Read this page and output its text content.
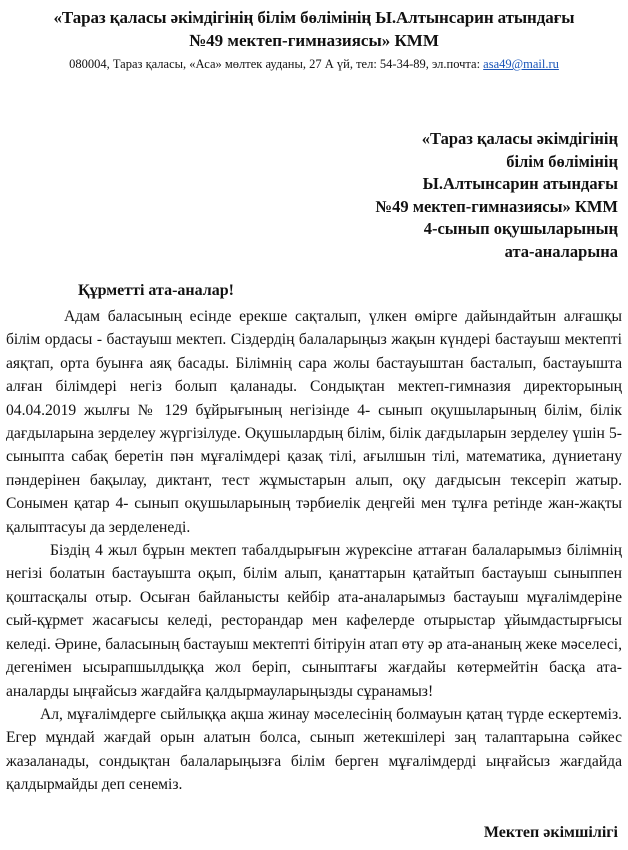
«Тараз қаласы әкімдігінің білім бөлімінің Ы.Алтынсарин атындағы
№49 мектеп-гимназиясы» КММ
080004, Тараз қаласы, «Аса» мөлтек ауданы, 27 А үй, тел: 54-34-89, эл.почта: asa49@mail.ru
«Тараз қаласы әкімдігінің
білім бөлімінің
Ы.Алтынсарин атындағы
№49 мектеп-гимназиясы» КММ
4-сынып оқушыларының
ата-аналарына
Құрметті ата-аналар!

Адам баласының есінде ерекше сақталып, үлкен өмірге дайындайтын алғашқы білім ордасы - бастауыш мектеп. Сіздердің балаларыңыз жақын күндері бастауыш мектепті аяқтап, орта буынға аяқ басады. Білімнің сара жолы бастауыштан басталып, бастауышта алған білімдері негіз болып қаланады. Сондықтан мектеп-гимназия директорының 04.04.2019 жылғы № 129 бұйрығының негізінде 4- сынып оқушыларының білім, білік дағдыларына зерделеу жүргізілуде. Оқушылардың білім, білік дағдыларын зерделеу үшін 5-сыныпта сабақ беретін пән мұғалімдері қазақ тілі, ағылшын тілі, математика, дүниетану пәндерінен бақылау, диктант, тест жұмыстарын алып, оқу дағдысын тексеріп жатыр. Сонымен қатар 4- сынып оқушыларының тәрбиелік деңгейі мен тұлға ретінде жан-жақты қалыптасуы да зерделенеді.

Біздің 4 жыл бұрын мектеп табалдырығын жүрексіне аттаған балаларымыз білімнің негізі болатын бастауышта оқып, білім алып, қанаттарын қатайтып бастауыш сыныппен қоштасқалы отыр. Осыған байланысты кейбір ата-аналарымыз бастауыш мұғалімдеріне сый-құрмет жасағысы келеді, ресторандар мен кафелерде отырыстар ұйымдастырғысы келеді. Әрине, баласының бастауыш мектепті бітіруін атап өту әр ата-ананың жеке мәселесі, дегенімен ысырапшылдыққа жол беріп, сыныптағы жағдайы көтермейтін басқа ата-аналарды ыңғайсыз жағдайға қалдырмауларыңызды сұранамыз!

Ал, мұғалімдерге сыйлыққа ақша жинау мәселесінің болмауын қатаң түрде ескертеміз. Егер мұндай жағдай орын алатын болса, сынып жетекшілері заң талаптарына сәйкес жазаланады, сондықтан балаларыңызға білім берген мұғалімдерді ыңғайсыз жағдайда қалдырмайды деп сенеміз.

Мектеп әкімшілігі
